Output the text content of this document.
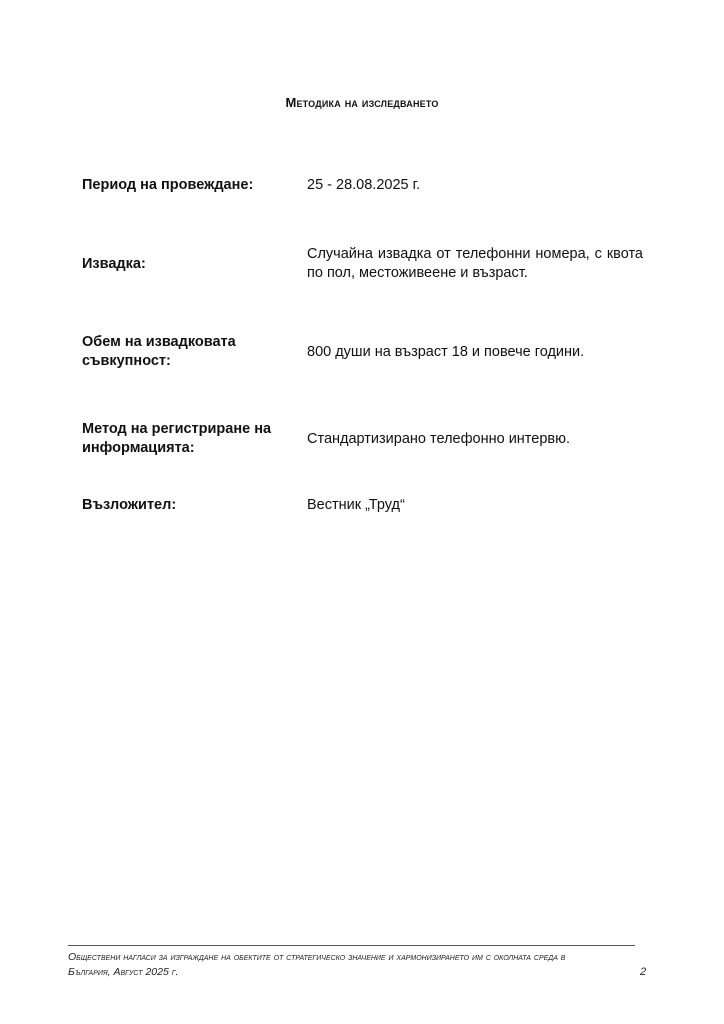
Методика на изследването
Период на провеждане:	25 - 28.08.2025 г.
Извадка:
Случайна извадка от телефонни номера, с квота по пол, местоживеене и възраст.
Обем на извадковата съвкупност:
800 души на възраст 18 и повече години.
Метод на регистриране на информацията:
Стандартизирано телефонно интервю.
Възложител:	Вестник „Труд“
Обществени нагласи за изграждане на обектите от стратегическо значение и хармонизирането им с околната среда в България, Август 2025 г.	2
